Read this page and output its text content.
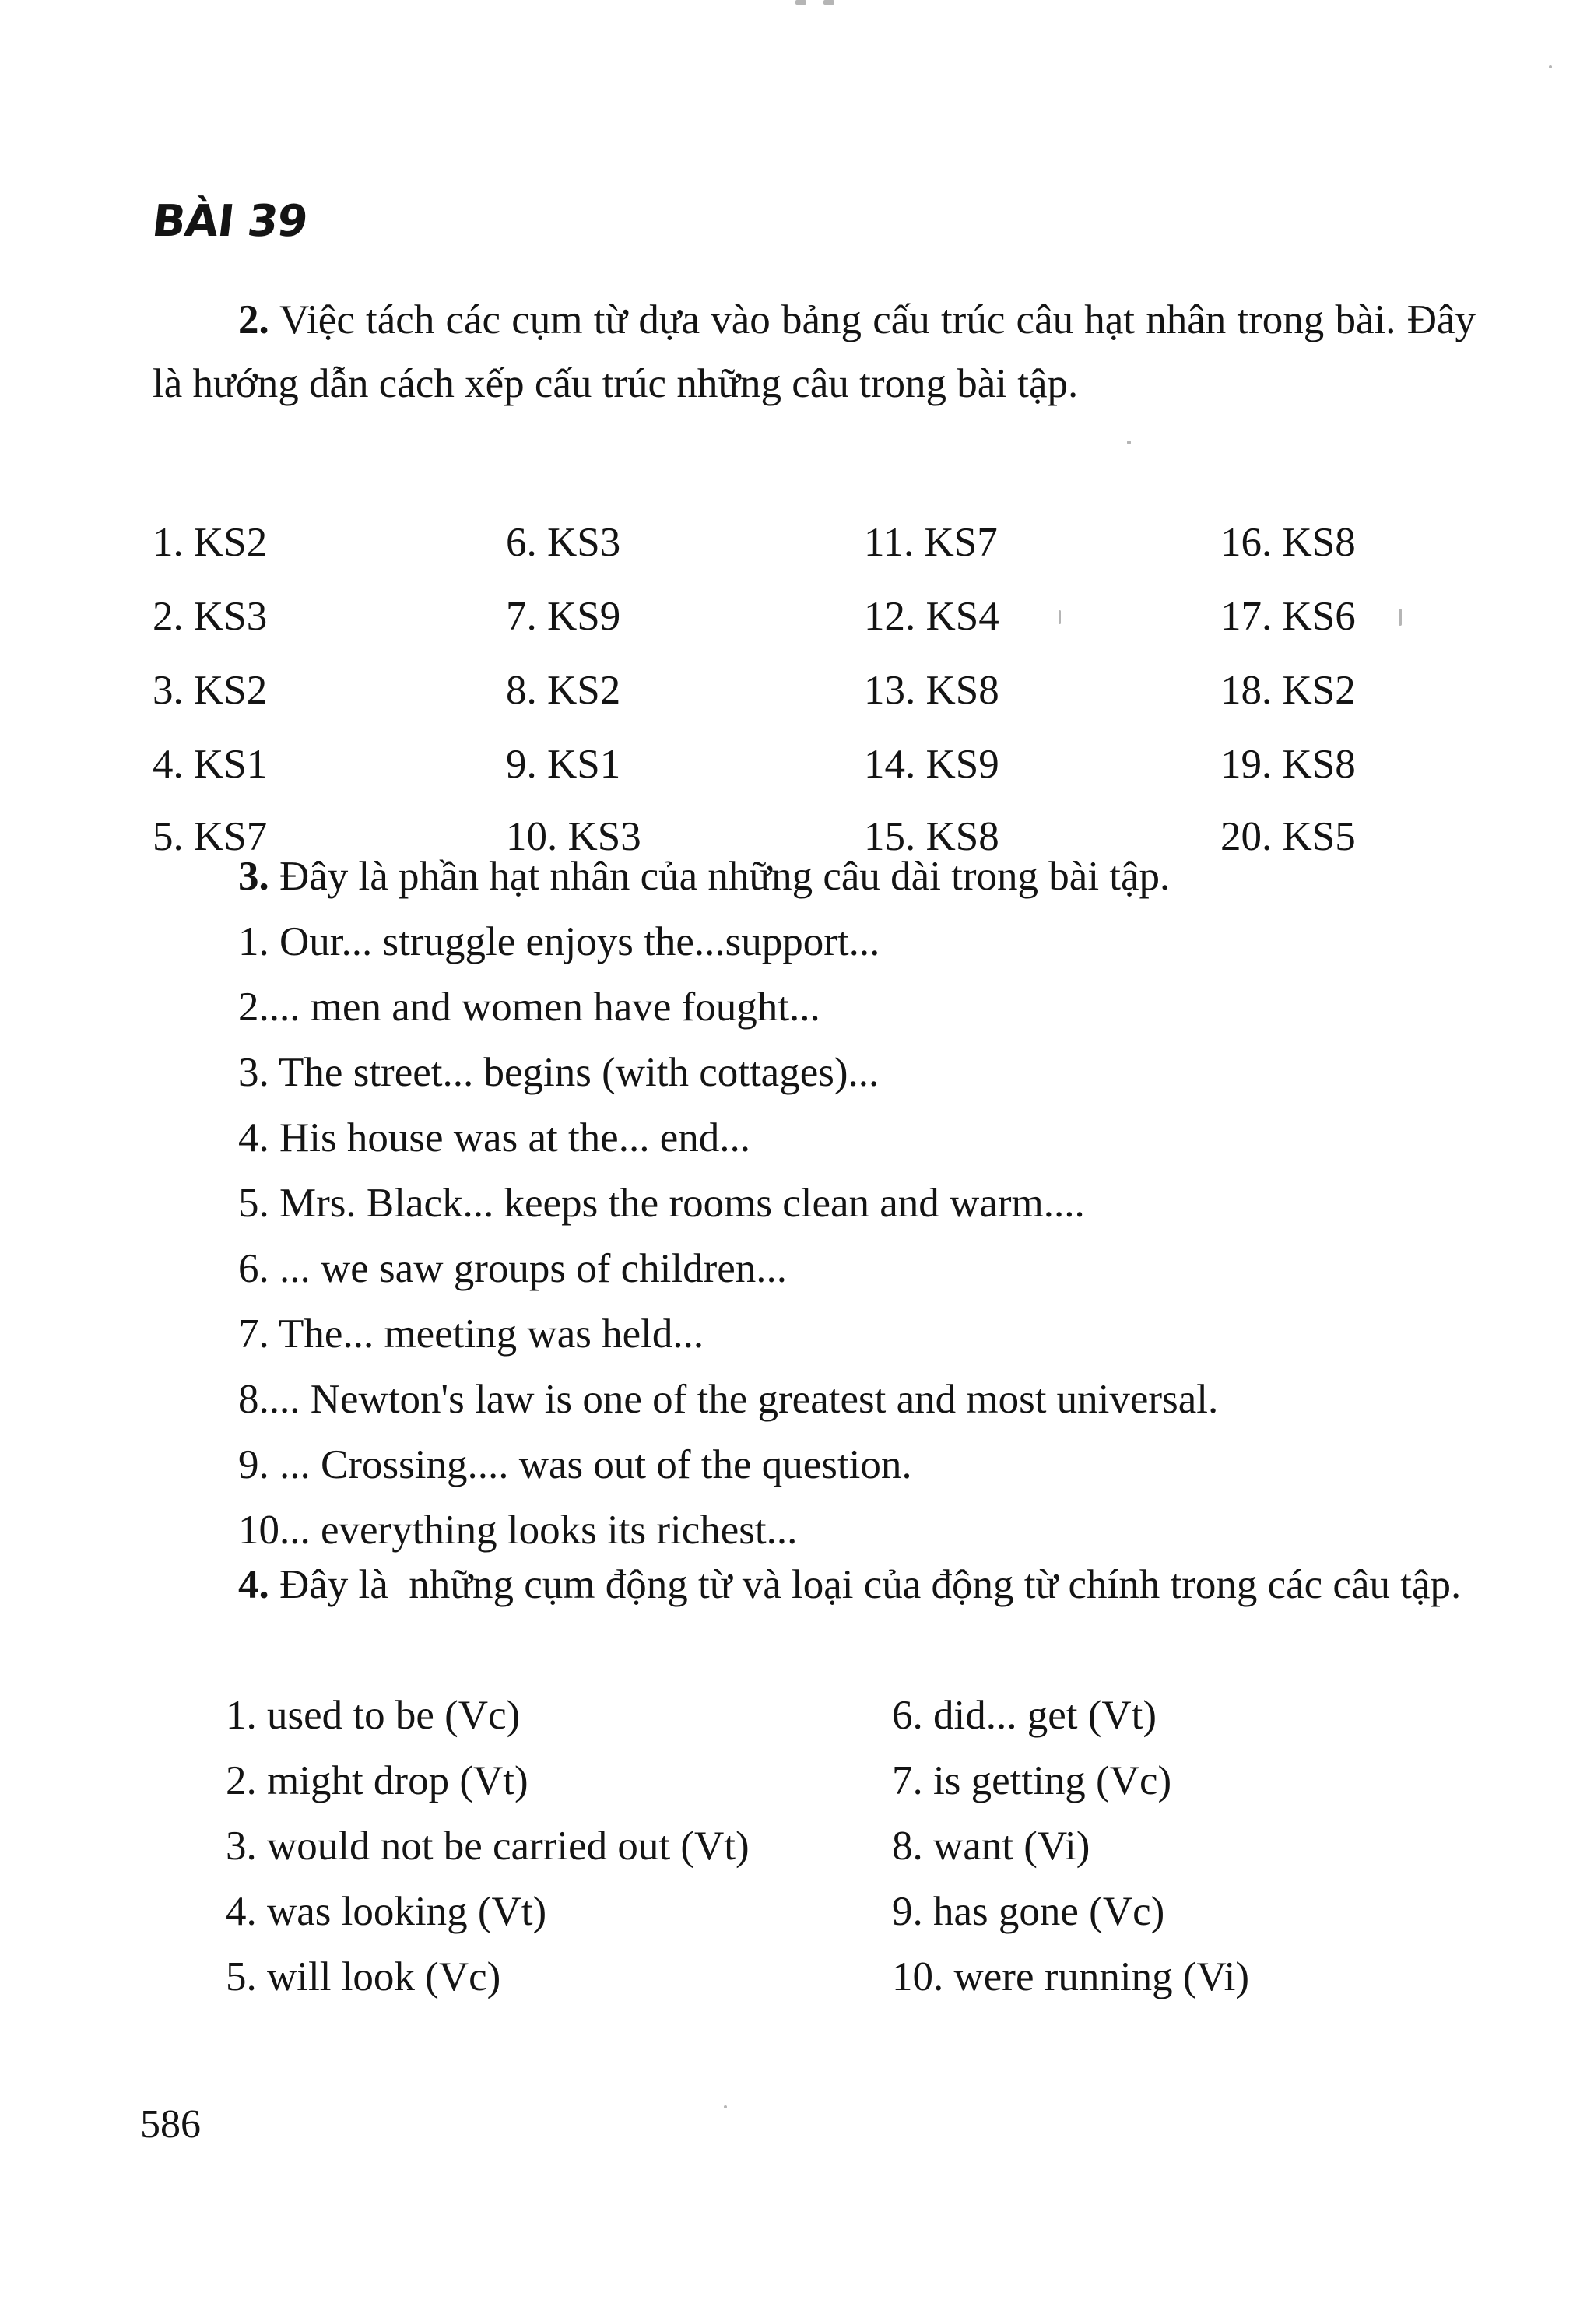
BÀI 39

2. Việc tách các cụm từ dựa vào bảng cấu trúc câu hạt nhân trong bài. Đây là hướng dẫn cách xếp cấu trúc những câu trong bài tập.

1. KS2	6. KS3	11. KS7	16. KS8
2. KS3	7. KS9	12. KS4	17. KS6
3. KS2	8. KS2	13. KS8	18. KS2
4. KS1	9. KS1	14. KS9	19. KS8
5. KS7	10. KS3	15. KS8	20. KS5

3. Đây là phần hạt nhân của những câu dài trong bài tập.

1. Our... struggle enjoys the...support...
2.... men and women have fought...
3. The street... begins (with cottages)...
4. His house was at the... end...
5. Mrs. Black... keeps the rooms clean and warm....
6. ... we saw groups of children...
7. The... meeting was held...
8.... Newton's law is one of the greatest and most universal.
9. ... Crossing.... was out of the question.
10... everything looks its richest...

4. Đây là  những cụm động từ và loại của động từ chính trong các câu tập.

1. used to be (Vc)	6. did... get (Vt)
2. might drop (Vt)	7. is getting (Vc)
3. would not be carried out (Vt)	8. want (Vi)
4. was looking (Vt)	9. has gone (Vc)
5. will look (Vc)	10. were running (Vi)

586
